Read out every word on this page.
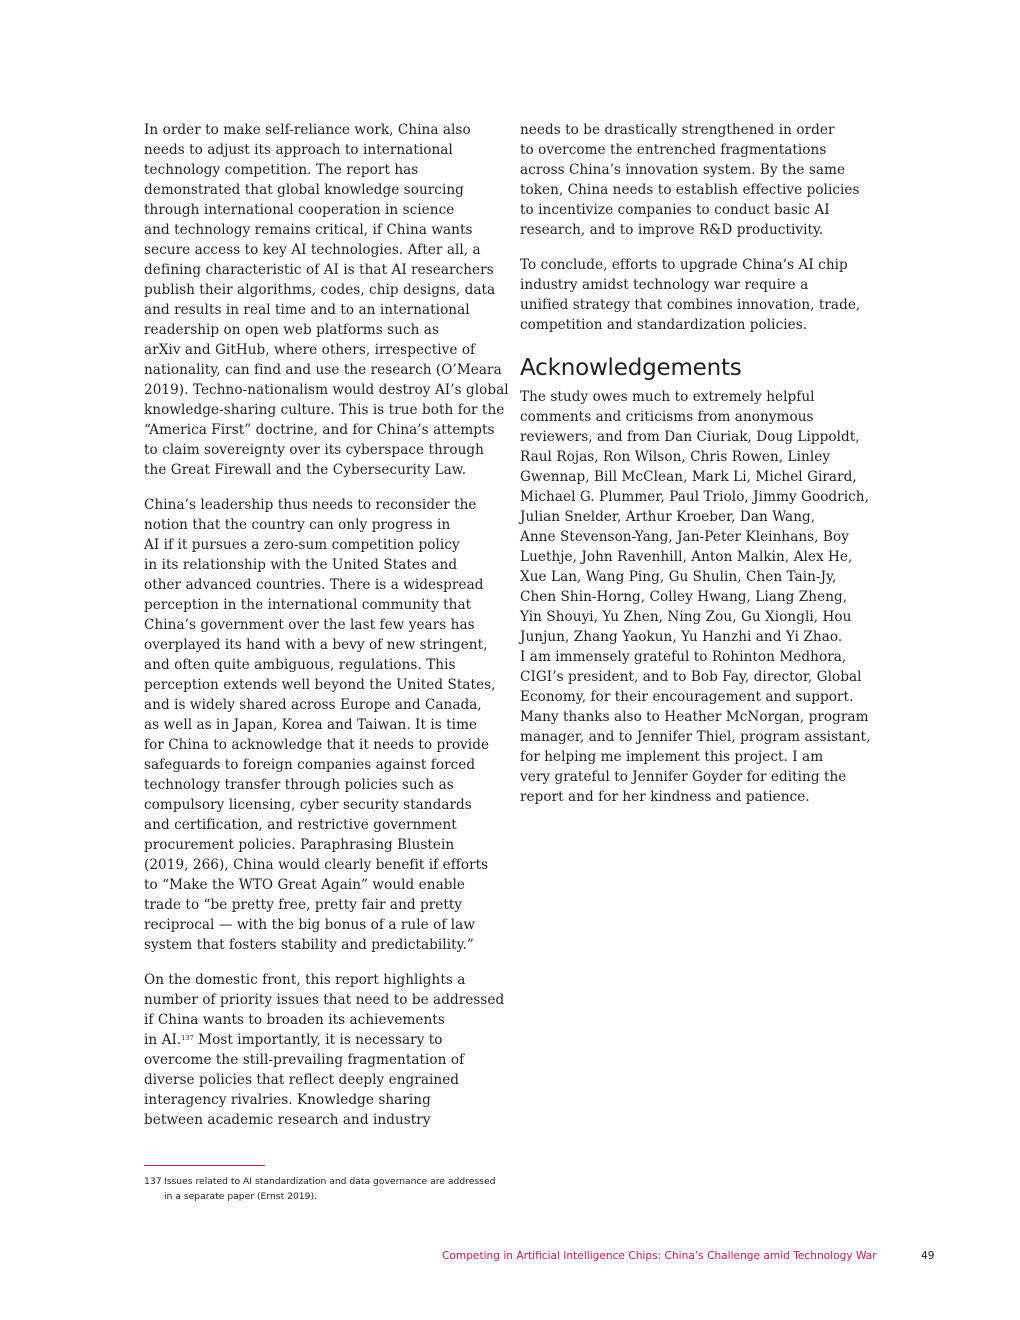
In order to make self-reliance work, China also
needs to adjust its approach to international
technology competition. The report has
demonstrated that global knowledge sourcing
through international cooperation in science
and technology remains critical, if China wants
secure access to key AI technologies. After all, a
defining characteristic of AI is that AI researchers
publish their algorithms, codes, chip designs, data
and results in real time and to an international
readership on open web platforms such as
arXiv and GitHub, where others, irrespective of
nationality, can find and use the research (O’Meara
2019). Techno-nationalism would destroy AI’s global
knowledge-sharing culture. This is true both for the
“America First” doctrine, and for China’s attempts
to claim sovereignty over its cyberspace through
the Great Firewall and the Cybersecurity Law.

China’s leadership thus needs to reconsider the
notion that the country can only progress in
AI if it pursues a zero-sum competition policy
in its relationship with the United States and
other advanced countries. There is a widespread
perception in the international community that
China’s government over the last few years has
overplayed its hand with a bevy of new stringent,
and often quite ambiguous, regulations. This
perception extends well beyond the United States,
and is widely shared across Europe and Canada,
as well as in Japan, Korea and Taiwan. It is time
for China to acknowledge that it needs to provide
safeguards to foreign companies against forced
technology transfer through policies such as
compulsory licensing, cyber security standards
and certification, and restrictive government
procurement policies. Paraphrasing Blustein
(2019, 266), China would clearly benefit if efforts
to “Make the WTO Great Again” would enable
trade to “be pretty free, pretty fair and pretty
reciprocal — with the big bonus of a rule of law
system that fosters stability and predictability.”

On the domestic front, this report highlights a
number of priority issues that need to be addressed
if China wants to broaden its achievements
in AI.$^{137}$ Most importantly, it is necessary to
overcome the still-prevailing fragmentation of
diverse policies that reflect deeply engrained
interagency rivalries. Knowledge sharing
between academic research and industry

needs to be drastically strengthened in order
to overcome the entrenched fragmentations
across China’s innovation system. By the same
token, China needs to establish effective policies
to incentivize companies to conduct basic AI
research, and to improve R&D productivity.

To conclude, efforts to upgrade China’s AI chip
industry amidst technology war require a
unified strategy that combines innovation, trade,
competition and standardization policies.

Acknowledgements

The study owes much to extremely helpful
comments and criticisms from anonymous
reviewers, and from Dan Ciuriak, Doug Lippoldt,
Raul Rojas, Ron Wilson, Chris Rowen, Linley
Gwennap, Bill McClean, Mark Li, Michel Girard,
Michael G. Plummer, Paul Triolo, Jimmy Goodrich,
Julian Snelder, Arthur Kroeber, Dan Wang,
Anne Stevenson-Yang, Jan-Peter Kleinhans, Boy
Luethje, John Ravenhill, Anton Malkin, Alex He,
Xue Lan, Wang Ping, Gu Shulin, Chen Tain-Jy,
Chen Shin-Horng, Colley Hwang, Liang Zheng,
Yin Shouyi, Yu Zhen, Ning Zou, Gu Xiongli, Hou
Junjun, Zhang Yaokun, Yu Hanzhi and Yi Zhao.
I am immensely grateful to Rohinton Medhora,
CIGI’s president, and to Bob Fay, director, Global
Economy, for their encouragement and support.
Many thanks also to Heather McNorgan, program
manager, and to Jennifer Thiel, program assistant,
for helping me implement this project. I am
very grateful to Jennifer Goyder for editing the
report and for her kindness and patience.

137 Issues related to AI standardization and data governance are addressed
in a separate paper (Ernst 2019).
Competing in Artificial Intelligence Chips: China’s Challenge amid Technology War	49
